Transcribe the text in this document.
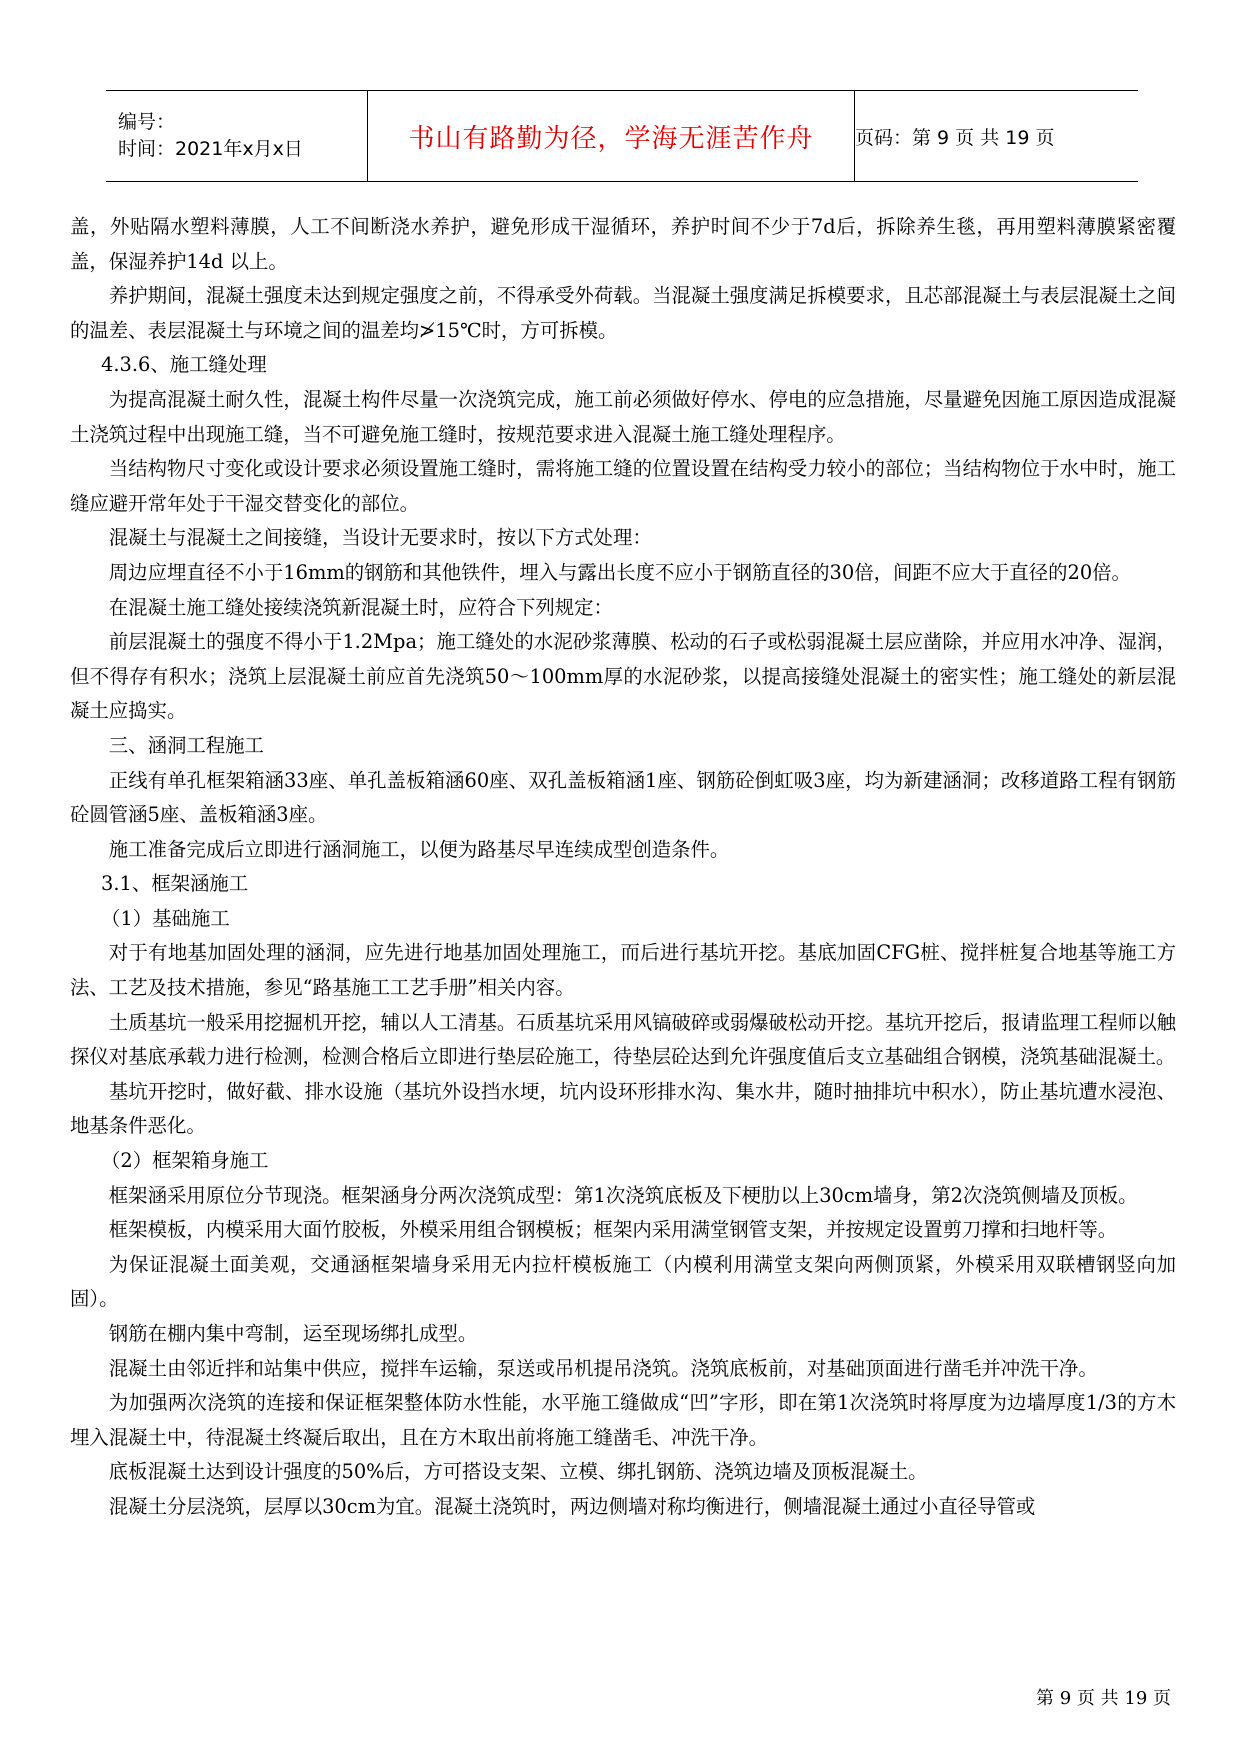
编号：
时间：2021年x月x日	书山有路勤为径，学海无涯苦作舟	页码：第 9 页 共 19 页

盖，外贴隔水塑料薄膜，人工不间断浇水养护，避免形成干湿循环，养护时间不少于7d后，拆除养生毯，再用塑料薄膜紧密覆盖，保湿养护14d 以上。

养护期间，混凝土强度未达到规定强度之前，不得承受外荷载。当混凝土强度满足拆模要求，且芯部混凝土与表层混凝土之间的温差、表层混凝土与环境之间的温差均≯15℃时，方可拆模。

4.3.6、施工缝处理

为提高混凝土耐久性，混凝土构件尽量一次浇筑完成，施工前必须做好停水、停电的应急措施，尽量避免因施工原因造成混凝土浇筑过程中出现施工缝，当不可避免施工缝时，按规范要求进入混凝土施工缝处理程序。

当结构物尺寸变化或设计要求必须设置施工缝时，需将施工缝的位置设置在结构受力较小的部位；当结构物位于水中时，施工缝应避开常年处于干湿交替变化的部位。

混凝土与混凝土之间接缝，当设计无要求时，按以下方式处理：

周边应埋直径不小于16mm的钢筋和其他铁件，埋入与露出长度不应小于钢筋直径的30倍，间距不应大于直径的20倍。

在混凝土施工缝处接续浇筑新混凝土时，应符合下列规定：

前层混凝土的强度不得小于1.2Mpa；施工缝处的水泥砂浆薄膜、松动的石子或松弱混凝土层应凿除，并应用水冲净、湿润，但不得存有积水；浇筑上层混凝土前应首先浇筑50～100mm厚的水泥砂浆，以提高接缝处混凝土的密实性；施工缝处的新层混凝土应捣实。

三、涵洞工程施工

正线有单孔框架箱涵33座、单孔盖板箱涵60座、双孔盖板箱涵1座、钢筋砼倒虹吸3座，均为新建涵洞；改移道路工程有钢筋砼圆管涵5座、盖板箱涵3座。

施工准备完成后立即进行涵洞施工，以便为路基尽早连续成型创造条件。

3.1、框架涵施工

（1）基础施工

对于有地基加固处理的涵洞，应先进行地基加固处理施工，而后进行基坑开挖。基底加固CFG桩、搅拌桩复合地基等施工方法、工艺及技术措施，参见“路基施工工艺手册”相关内容。

土质基坑一般采用挖掘机开挖，辅以人工清基。石质基坑采用风镐破碎或弱爆破松动开挖。基坑开挖后，报请监理工程师以触探仪对基底承载力进行检测，检测合格后立即进行垫层砼施工，待垫层砼达到允许强度值后支立基础组合钢模，浇筑基础混凝土。

基坑开挖时，做好截、排水设施（基坑外设挡水埂，坑内设环形排水沟、集水井，随时抽排坑中积水），防止基坑遭水浸泡、地基条件恶化。

（2）框架箱身施工

框架涵采用原位分节现浇。框架涵身分两次浇筑成型：第1次浇筑底板及下梗肋以上30cm墙身，第2次浇筑侧墙及顶板。

框架模板，内模采用大面竹胶板，外模采用组合钢模板；框架内采用满堂钢管支架，并按规定设置剪刀撑和扫地杆等。

为保证混凝土面美观，交通涵框架墙身采用无内拉杆模板施工（内模利用满堂支架向两侧顶紧，外模采用双联槽钢竖向加固）。

钢筋在棚内集中弯制，运至现场绑扎成型。

混凝土由邻近拌和站集中供应，搅拌车运输，泵送或吊机提吊浇筑。浇筑底板前，对基础顶面进行凿毛并冲洗干净。

为加强两次浇筑的连接和保证框架整体防水性能，水平施工缝做成“凹”字形，即在第1次浇筑时将厚度为边墙厚度1/3的方木埋入混凝土中，待混凝土终凝后取出，且在方木取出前将施工缝凿毛、冲洗干净。

底板混凝土达到设计强度的50%后，方可搭设支架、立模、绑扎钢筋、浇筑边墙及顶板混凝土。

混凝土分层浇筑，层厚以30cm为宜。混凝土浇筑时，两边侧墙对称均衡进行，侧墙混凝土通过小直径导管或

第 9 页 共 19 页
